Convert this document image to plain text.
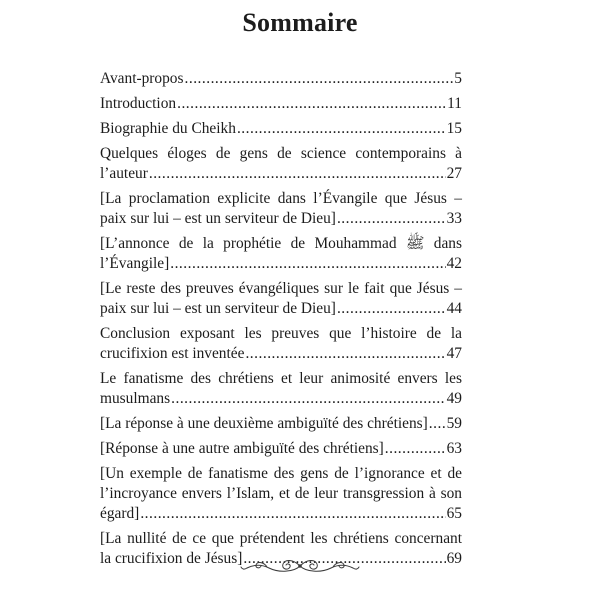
Sommaire
Avant-propos .....	5
Introduction .....	11
Biographie du Cheikh .....	15
Quelques éloges de gens de science contemporains à
l’auteur .....	27
[La proclamation explicite dans l’Évangile que Jésus –
paix sur lui – est un serviteur de Dieu] .....	33
[L’annonce de la prophétie de Mouhammad ﷺ dans
l’Évangile] .....	42
[Le reste des preuves évangéliques sur le fait que Jésus –
paix sur lui – est un serviteur de Dieu] .....	44
Conclusion exposant les preuves que l’histoire de la
crucifixion est inventée .....	47
Le fanatisme des chrétiens et leur animosité envers les
musulmans .....	49
[La réponse à une deuxième ambiguïté des chrétiens] ..... 59
[Réponse à une autre ambiguïté des chrétiens] .....	63
[Un exemple de fanatisme des gens de l’ignorance et de
l’incroyance envers l’Islam, et de leur transgression à son
égard] .....	65
[La nullité de ce que prétendent les chrétiens concernant
la crucifixion de Jésus] .....	69
